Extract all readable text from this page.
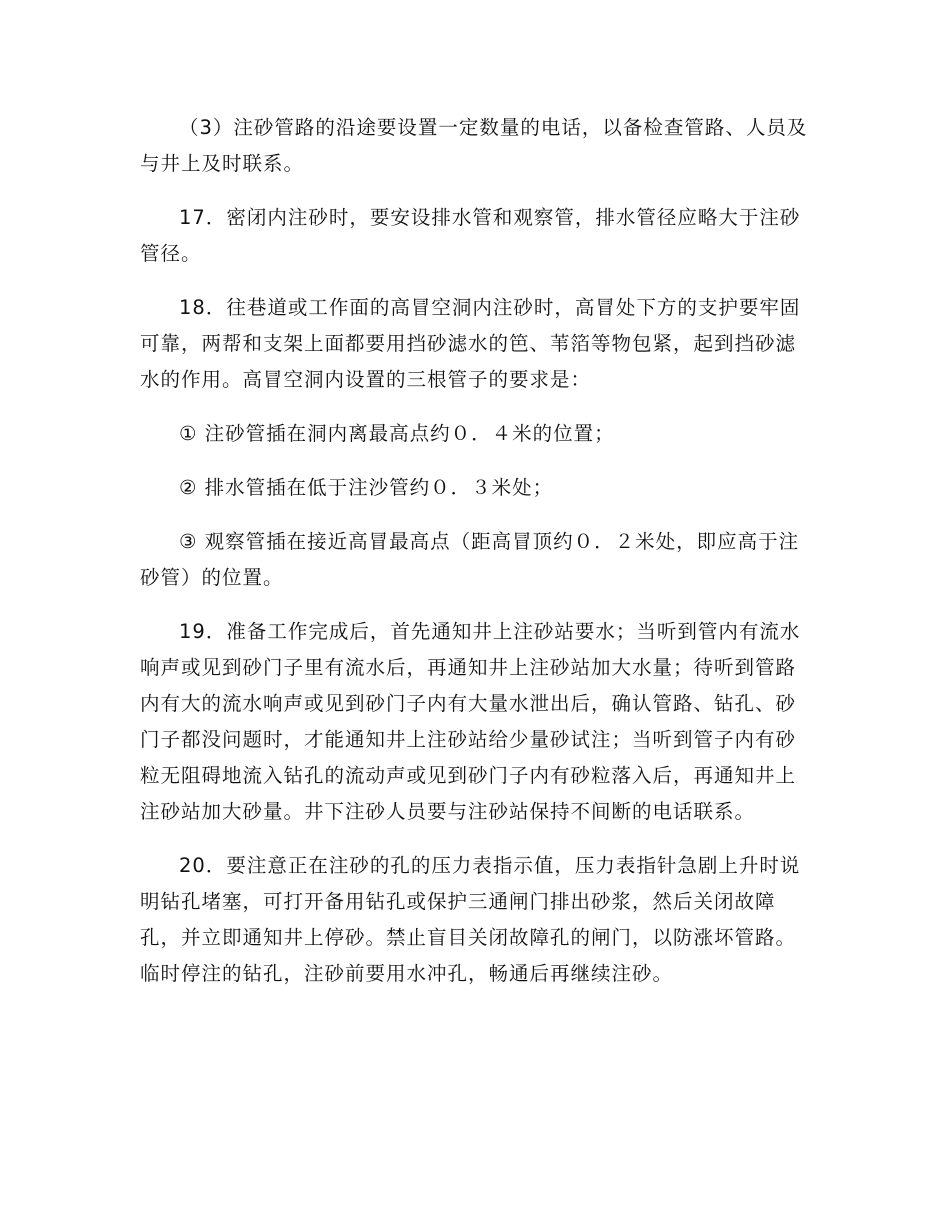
（3）注砂管路的沿途要设置一定数量的电话，以备检查管路、人员及与井上及时联系。

17．密闭内注砂时，要安设排水管和观察管，排水管径应略大于注砂管径。

18．往巷道或工作面的高冒空洞内注砂时，高冒处下方的支护要牢固可靠，两帮和支架上面都要用挡砂滤水的笆、苇箔等物包紧，起到挡砂滤水的作用。高冒空洞内设置的三根管子的要求是：

① 注砂管插在洞内离最高点约０．４米的位置；

② 排水管插在低于注沙管约０．３米处；

③ 观察管插在接近高冒最高点（距高冒顶约０．２米处，即应高于注砂管）的位置。

19．准备工作完成后，首先通知井上注砂站要水；当听到管内有流水响声或见到砂门子里有流水后，再通知井上注砂站加大水量；待听到管路内有大的流水响声或见到砂门子内有大量水泄出后，确认管路、钻孔、砂门子都没问题时，才能通知井上注砂站给少量砂试注；当听到管子内有砂粒无阻碍地流入钻孔的流动声或见到砂门子内有砂粒落入后，再通知井上注砂站加大砂量。井下注砂人员要与注砂站保持不间断的电话联系。

20．要注意正在注砂的孔的压力表指示值，压力表指针急剧上升时说明钻孔堵塞，可打开备用钻孔或保护三通闸门排出砂浆，然后关闭故障孔，并立即通知井上停砂。禁止盲目关闭故障孔的闸门，以防涨坏管路。临时停注的钻孔，注砂前要用水冲孔，畅通后再继续注砂。
